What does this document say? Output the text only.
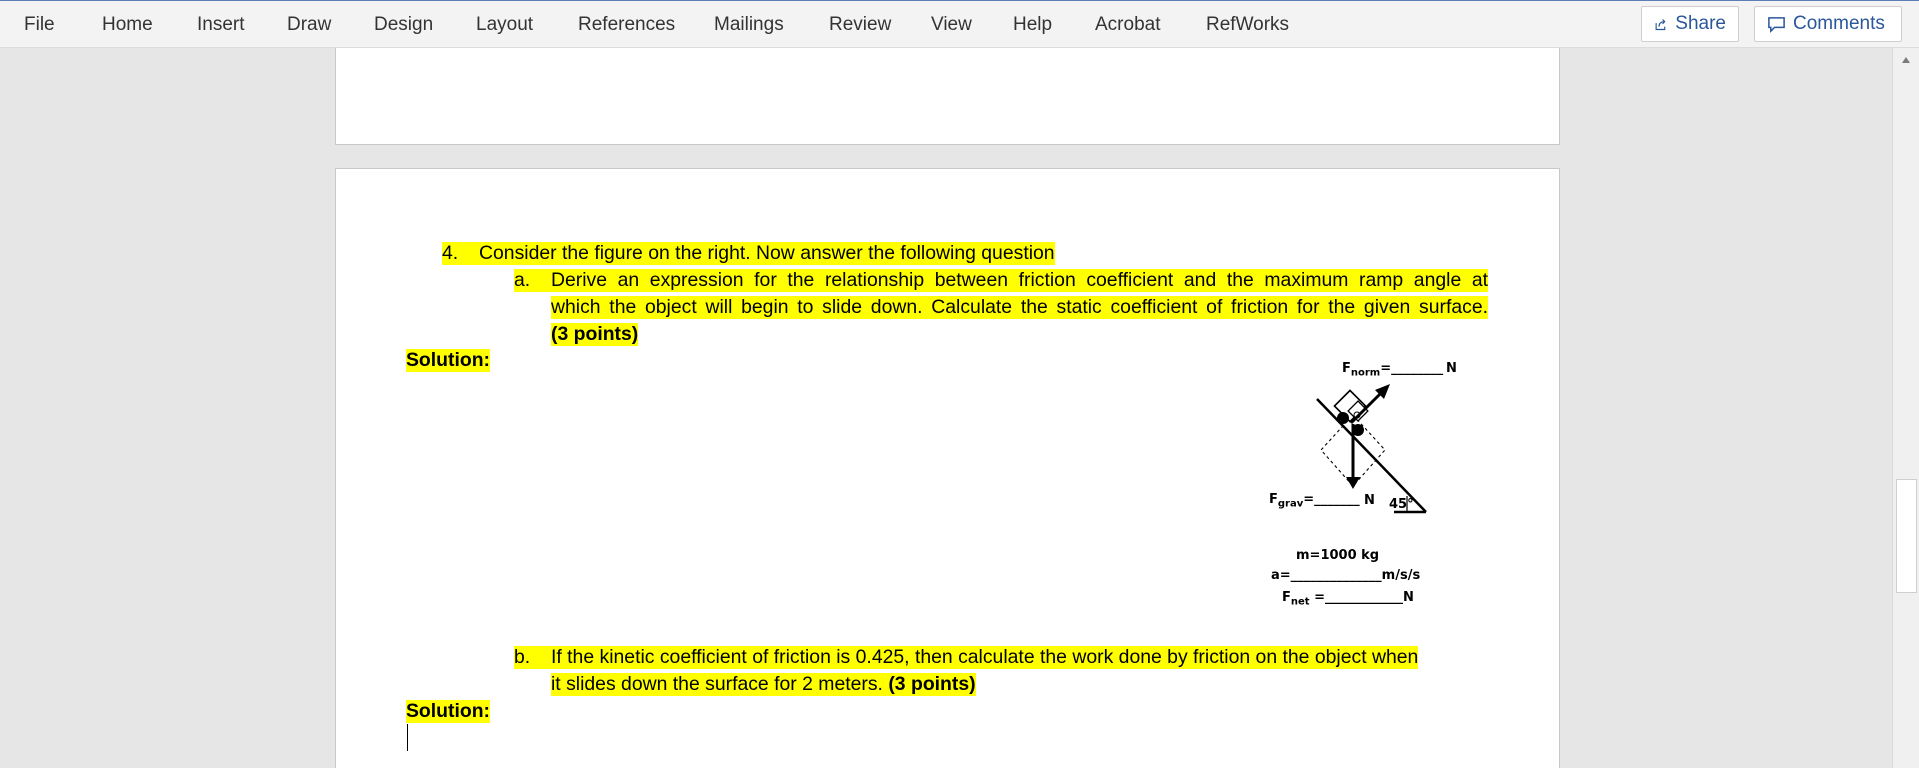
File Home Insert Draw Design Layout References Mailings Review View Help Acrobat RefWorks	Share	Comments
4.	Consider the figure on the right. Now answer the following question
a.	Derive an expression for the relationship between friction coefficient and the maximum ramp angle at
which the object will begin to slide down. Calculate the static coefficient of friction for the given surface.
(3 points)
Solution:	$F_{norm}=\_\_\_\_\_\_\_\_$ N
$F_{grav}=\_\_\_\_\_\_\_$ N 45°
m=1000 kg
a=______________m/s/s
$F_{net}$ =____________N
b.	If the kinetic coefficient of friction is 0.425, then calculate the work done by friction on the object when
it slides down the surface for 2 meters. (3 points)
Solution:
